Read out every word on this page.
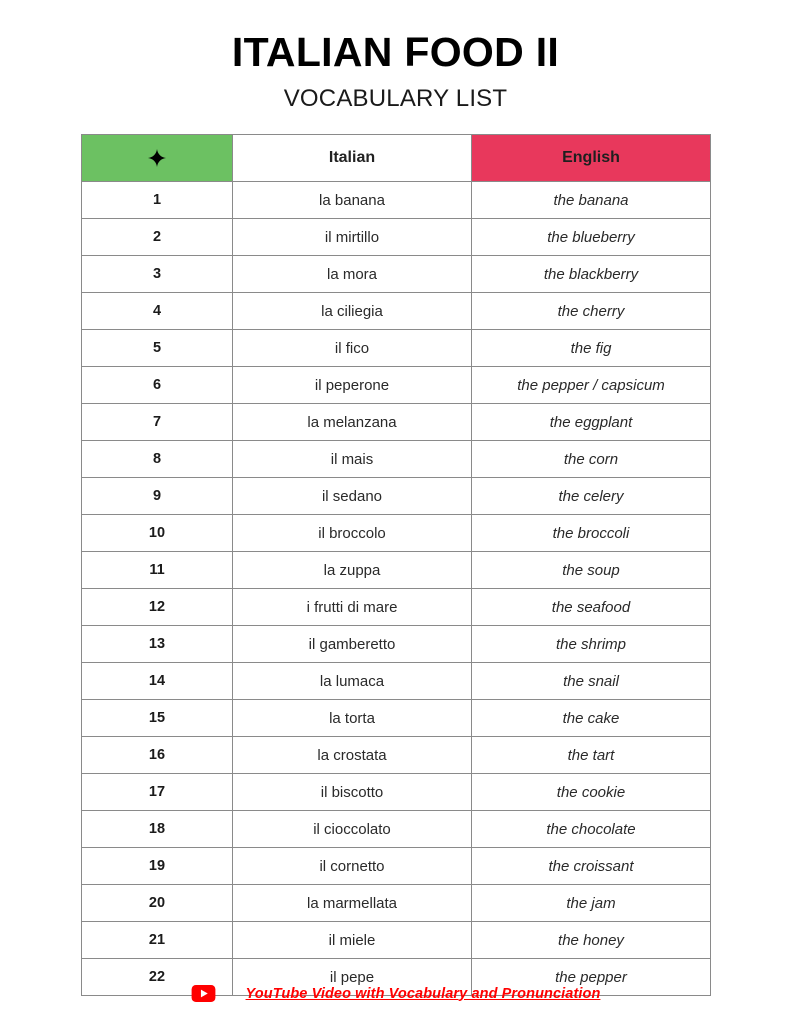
ITALIAN FOOD II
VOCABULARY LIST
	Italian	English
1	la banana	the banana
2	il mirtillo	the blueberry
3	la mora	the blackberry
4	la ciliegia	the cherry
5	il fico	the fig
6	il peperone	the pepper / capsicum
7	la melanzana	the eggplant
8	il mais	the corn
9	il sedano	the celery
10	il broccolo	the broccoli
11	la zuppa	the soup
12	i frutti di mare	the seafood
13	il gamberetto	the shrimp
14	la lumaca	the snail
15	la torta	the cake
16	la crostata	the tart
17	il biscotto	the cookie
18	il cioccolato	the chocolate
19	il cornetto	the croissant
20	la marmellata	the jam
21	il miele	the honey
22	il pepe	the pepper
YouTube Video with Vocabulary and Pronunciation
